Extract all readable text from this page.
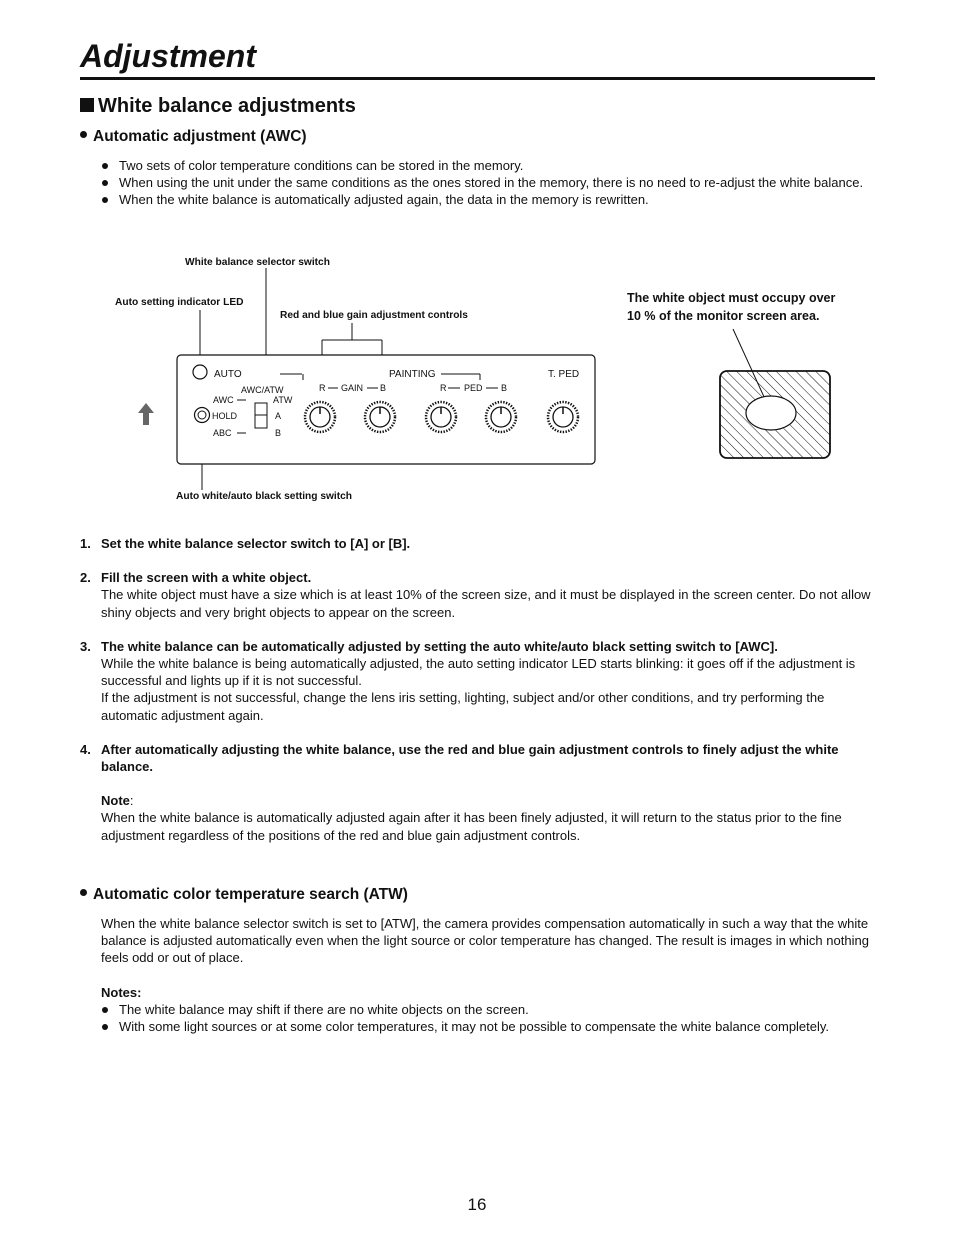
Adjustment
White balance adjustments
Automatic adjustment (AWC)
Two sets of color temperature conditions can be stored in the memory.
When using the unit under the same conditions as the ones stored in the memory, there is no need to re-adjust the white balance.
When the white balance is automatically adjusted again, the data in the memory is rewritten.
White balance selector switch
Auto setting indicator LED
Red and blue gain adjustment controls
Auto white/auto black setting switch
The white object must occupy over
10 % of the monitor screen area.
AUTO
AWC
HOLD
ABC
AWC/ATW
ATW
A
B
PAINTING
R GAIN B	R PED B
T. PED
1. Set the white balance selector switch to [A] or [B].
2. Fill the screen with a white object.
The white object must have a size which is at least 10% of the screen size, and it must be displayed in the screen center. Do not allow shiny objects and very bright objects to appear on the screen.
3. The white balance can be automatically adjusted by setting the auto white/auto black setting switch to [AWC].
While the white balance is being automatically adjusted, the auto setting indicator LED starts blinking: it goes off if the adjustment is successful and lights up if it is not successful.
If the adjustment is not successful, change the lens iris setting, lighting, subject and/or other conditions, and try performing the automatic adjustment again.
4. After automatically adjusting the white balance, use the red and blue gain adjustment controls to finely adjust the white balance.
Note:
When the white balance is automatically adjusted again after it has been finely adjusted, it will return to the status prior to the fine adjustment regardless of the positions of the red and blue gain adjustment controls.
Automatic color temperature search (ATW)

When the white balance selector switch is set to [ATW], the camera provides compensation automatically in such a way that the white balance is adjusted automatically even when the light source or color temperature has changed. The result is images in which nothing feels odd or out of place.

Notes:
The white balance may shift if there are no white objects on the screen.
With some light sources or at some color temperatures, it may not be possible to compensate the white balance completely.
16
